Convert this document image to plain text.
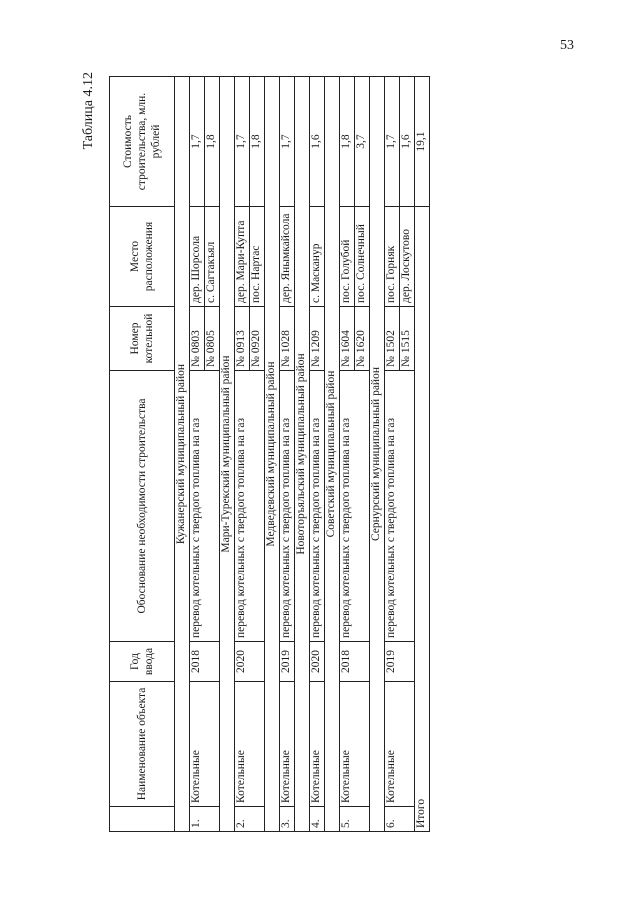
53
Таблица 4.12
	Наименование объекта	Год ввода	Обоснование необходимости строительства	Номер котельной	Место расположения	Стоимость строительства, млн. рублей
Кужанерский муниципальный район						
1.	Котельные	2018	перевод котельных с твердого топлива на газ	№ 0803	дер. Шорсола	1,7
				№ 0805	с. Сагтакъял	1,8
Мари-Турекский муниципальный район						
2.	Котельные	2020	перевод котельных с твердого топлива на газ	№ 0913	дер. Мари-Купта	1,7
				№ 0920	пос. Нартас	1,8
Медведевский муниципальный район						
3.	Котельные	2019	перевод котельных с твердого топлива на газ	№ 1028	дер. Янымкайсола	1,7
Новоторъяльский муниципальный район						
4.	Котельные	2020	перевод котельных с твердого топлива на газ	№ 1209	с. Масканур	1,6
Советский муниципальный район						
5.	Котельные	2018	перевод котельных с твердого топлива на газ	№ 1604	пос. Голубой	1,8
				№ 1620	пос. Солнечный	3,7
Сернурский муниципальный район						
6.	Котельные	2019	перевод котельных с твердого топлива на газ	№ 1502	пос. Горняк	1,7
				№ 1515	дер. Лоскутово	1,6
Итого						19,1
